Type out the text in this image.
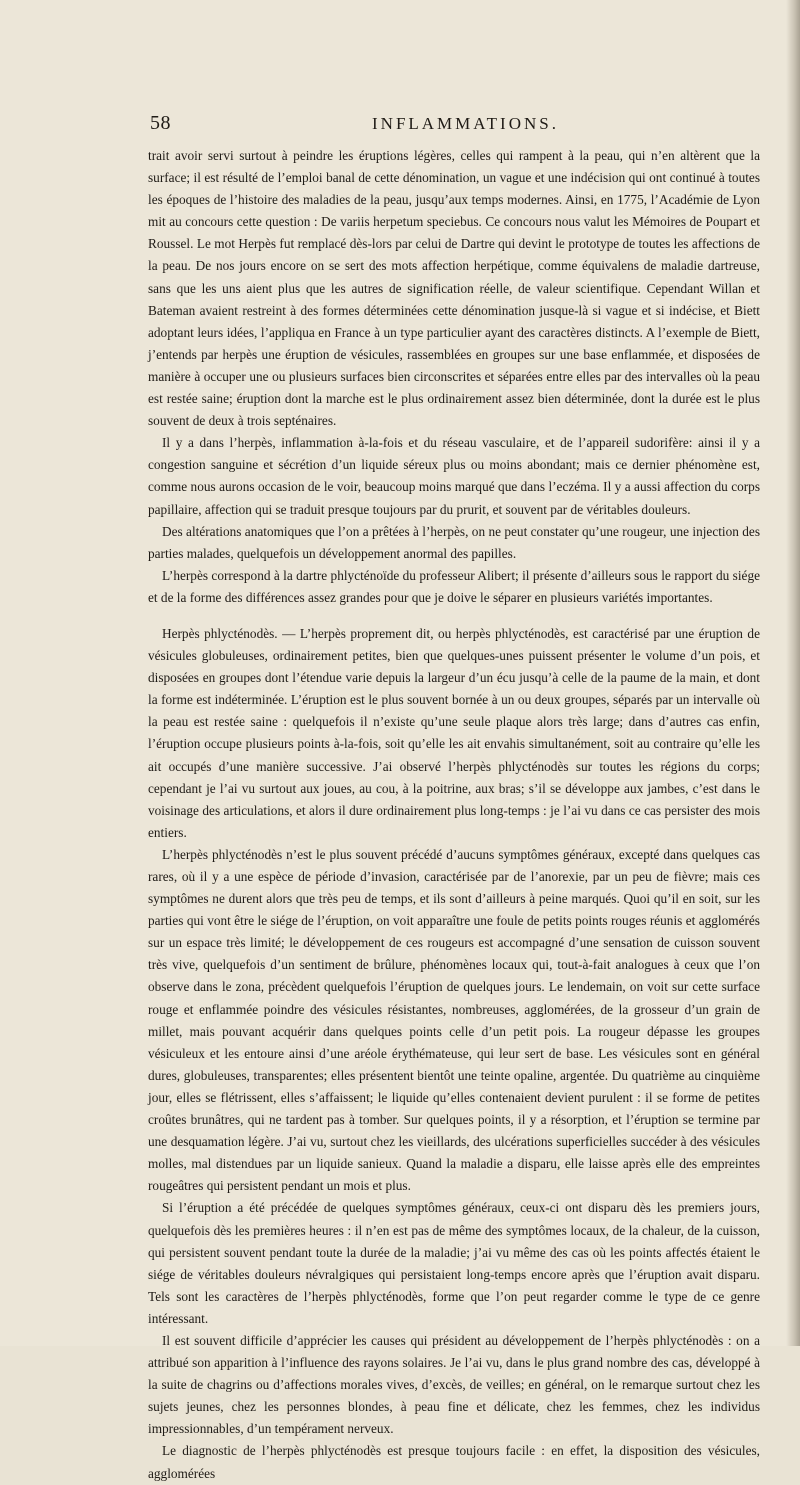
58	INFLAMMATIONS.

trait avoir servi surtout à peindre les éruptions légères, celles qui rampent à la peau, qui n’en altèrent que la surface; il est résulté de l’emploi banal de cette dénomination, un vague et une indécision qui ont continué à toutes les époques de l’histoire des maladies de la peau, jusqu’aux temps modernes. Ainsi, en 1775, l’Académie de Lyon mit au concours cette question : De variis herpetum speciebus. Ce concours nous valut les Mémoires de Poupart et Roussel. Le mot Herpès fut remplacé dès-lors par celui de Dartre qui devint le prototype de toutes les affections de la peau. De nos jours encore on se sert des mots affection herpétique, comme équivalens de maladie dartreuse, sans que les uns aient plus que les autres de signification réelle, de valeur scientifique. Cependant Willan et Bateman avaient restreint à des formes déterminées cette dénomination jusque-là si vague et si indécise, et Biett adoptant leurs idées, l’appliqua en France à un type particulier ayant des caractères distincts. A l’exemple de Biett, j’entends par herpès une éruption de vésicules, rassemblées en groupes sur une base enflammée, et disposées de manière à occuper une ou plusieurs surfaces bien circonscrites et séparées entre elles par des intervalles où la peau est restée saine; éruption dont la marche est le plus ordinairement assez bien déterminée, dont la durée est le plus souvent de deux à trois septénaires.

Il y a dans l’herpès, inflammation à-la-fois et du réseau vasculaire, et de l’appareil sudorifère: ainsi il y a congestion sanguine et sécrétion d’un liquide séreux plus ou moins abondant; mais ce dernier phénomène est, comme nous aurons occasion de le voir, beaucoup moins marqué que dans l’eczéma. Il y a aussi affection du corps papillaire, affection qui se traduit presque toujours par du prurit, et souvent par de véritables douleurs.

Des altérations anatomiques que l’on a prêtées à l’herpès, on ne peut constater qu’une rougeur, une injection des parties malades, quelquefois un développement anormal des papilles.

L’herpès correspond à la dartre phlycténoïde du professeur Alibert; il présente d’ailleurs sous le rapport du siége et de la forme des différences assez grandes pour que je doive le séparer en plusieurs variétés importantes.

Herpès phlycténodès. — L’herpès proprement dit, ou herpès phlycténodès, est caractérisé par une éruption de vésicules globuleuses, ordinairement petites, bien que quelques-unes puissent présenter le volume d’un pois, et disposées en groupes dont l’étendue varie depuis la largeur d’un écu jusqu’à celle de la paume de la main, et dont la forme est indéterminée. L’éruption est le plus souvent bornée à un ou deux groupes, séparés par un intervalle où la peau est restée saine : quelquefois il n’existe qu’une seule plaque alors très large; dans d’autres cas enfin, l’éruption occupe plusieurs points à-la-fois, soit qu’elle les ait envahis simultanément, soit au contraire qu’elle les ait occupés d’une manière successive. J’ai observé l’herpès phlycténodès sur toutes les régions du corps; cependant je l’ai vu surtout aux joues, au cou, à la poitrine, aux bras; s’il se développe aux jambes, c’est dans le voisinage des articulations, et alors il dure ordinairement plus long-temps : je l’ai vu dans ce cas persister des mois entiers.

L’herpès phlycténodès n’est le plus souvent précédé d’aucuns symptômes généraux, excepté dans quelques cas rares, où il y a une espèce de période d’invasion, caractérisée par de l’anorexie, par un peu de fièvre; mais ces symptômes ne durent alors que très peu de temps, et ils sont d’ailleurs à peine marqués. Quoi qu’il en soit, sur les parties qui vont être le siége de l’éruption, on voit apparaître une foule de petits points rouges réunis et agglomérés sur un espace très limité; le développement de ces rougeurs est accompagné d’une sensation de cuisson souvent très vive, quelquefois d’un sentiment de brûlure, phénomènes locaux qui, tout-à-fait analogues à ceux que l’on observe dans le zona, précèdent quelquefois l’éruption de quelques jours. Le lendemain, on voit sur cette surface rouge et enflammée poindre des vésicules résistantes, nombreuses, agglomérées, de la grosseur d’un grain de millet, mais pouvant acquérir dans quelques points celle d’un petit pois. La rougeur dépasse les groupes vésiculeux et les entoure ainsi d’une aréole érythémateuse, qui leur sert de base. Les vésicules sont en général dures, globuleuses, transparentes; elles présentent bientôt une teinte opaline, argentée. Du quatrième au cinquième jour, elles se flétrissent, elles s’affaissent; le liquide qu’elles contenaient devient purulent : il se forme de petites croûtes brunâtres, qui ne tardent pas à tomber. Sur quelques points, il y a résorption, et l’éruption se termine par une desquamation légère. J’ai vu, surtout chez les vieillards, des ulcérations superficielles succéder à des vésicules molles, mal distendues par un liquide sanieux. Quand la maladie a disparu, elle laisse après elle des empreintes rougeâtres qui persistent pendant un mois et plus.

Si l’éruption a été précédée de quelques symptômes généraux, ceux-ci ont disparu dès les premiers jours, quelquefois dès les premières heures : il n’en est pas de même des symptômes locaux, de la chaleur, de la cuisson, qui persistent souvent pendant toute la durée de la maladie; j’ai vu même des cas où les points affectés étaient le siége de véritables douleurs névralgiques qui persistaient long-temps encore après que l’éruption avait disparu. Tels sont les caractères de l’herpès phlycténodès, forme que l’on peut regarder comme le type de ce genre intéressant.

Il est souvent difficile d’apprécier les causes qui président au développement de l’herpès phlycténodès : on a attribué son apparition à l’influence des rayons solaires. Je l’ai vu, dans le plus grand nombre des cas, développé à la suite de chagrins ou d’affections morales vives, d’excès, de veilles; en général, on le remarque surtout chez les sujets jeunes, chez les personnes blondes, à peau fine et délicate, chez les femmes, chez les individus impressionnables, d’un tempérament nerveux.

Le diagnostic de l’herpès phlycténodès est presque toujours facile : en effet, la disposition des vésicules, agglomérées
